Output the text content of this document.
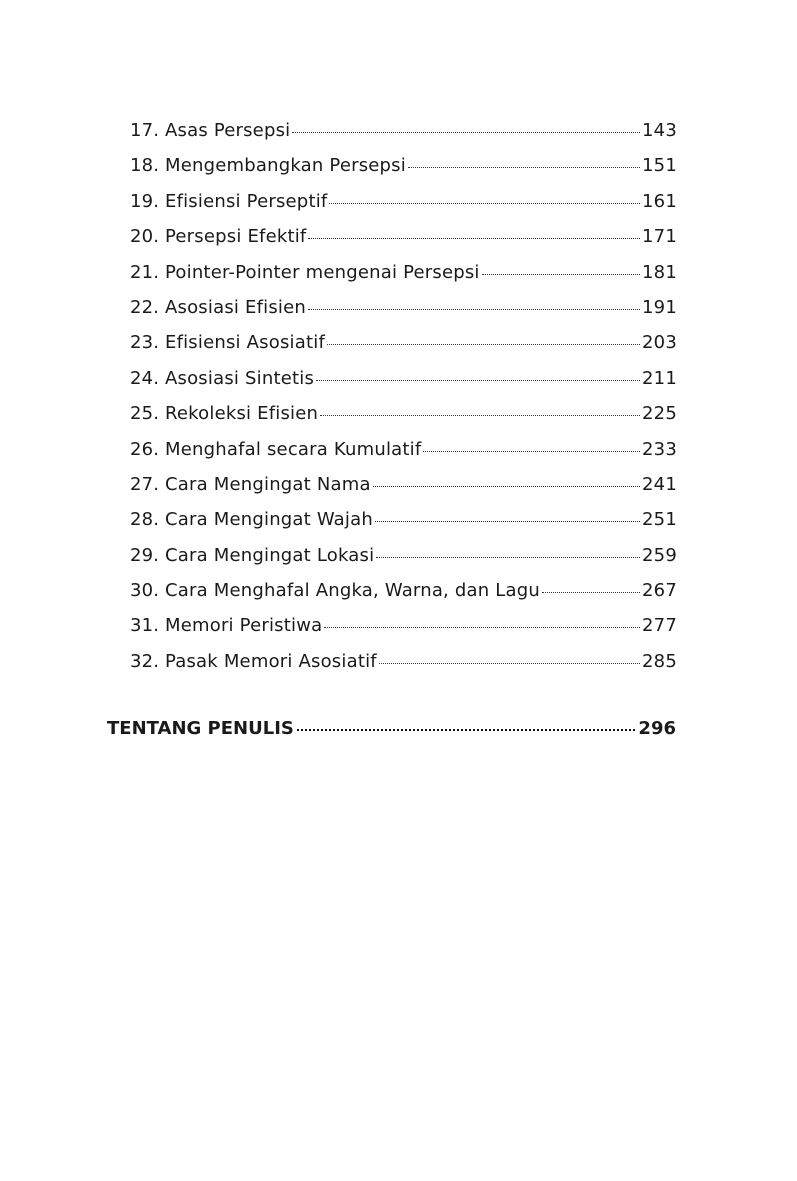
17. Asas Persepsi	143
18. Mengembangkan Persepsi	151
19. Efisiensi Perseptif	161
20. Persepsi Efektif	171
21. Pointer-Pointer mengenai Persepsi	181
22. Asosiasi Efisien	191
23. Efisiensi Asosiatif	203
24. Asosiasi Sintetis	211
25. Rekoleksi Efisien	225
26. Menghafal secara Kumulatif	233
27. Cara Mengingat Nama	241
28. Cara Mengingat Wajah	251
29. Cara Mengingat Lokasi	259
30. Cara Menghafal Angka, Warna, dan Lagu	267
31. Memori Peristiwa	277
32. Pasak Memori Asosiatif	285
TENTANG PENULIS	296
